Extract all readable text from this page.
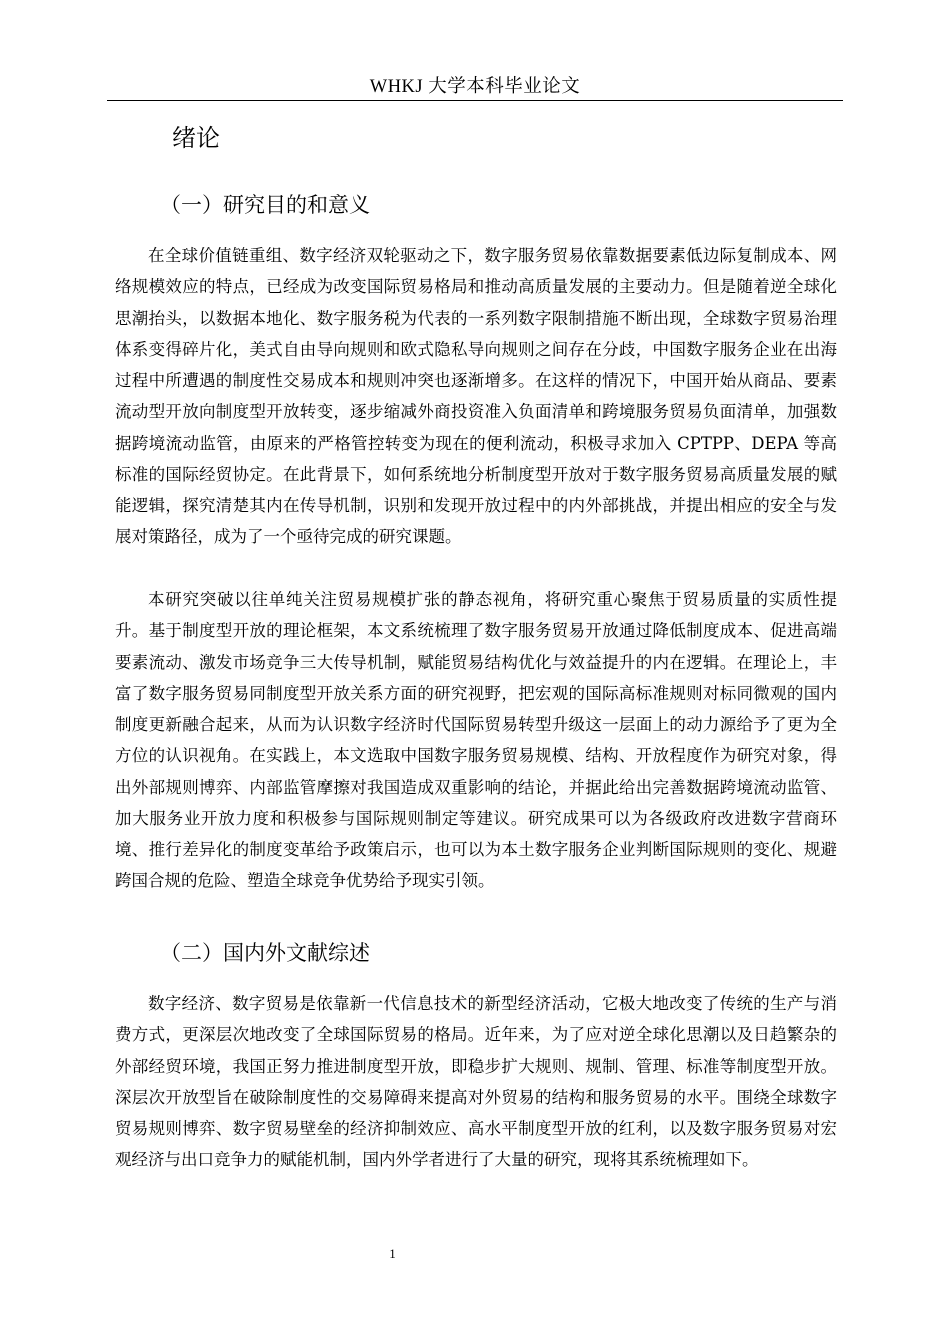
WHKJ 大学本科毕业论文
绪论
（一）研究目的和意义

在全球价值链重组、数字经济双轮驱动之下，数字服务贸易依靠数据要素低边际复制成本、网络规模效应的特点，已经成为改变国际贸易格局和推动高质量发展的主要动力。但是随着逆全球化思潮抬头，以数据本地化、数字服务税为代表的一系列数字限制措施不断出现，全球数字贸易治理体系变得碎片化，美式自由导向规则和欧式隐私导向规则之间存在分歧，中国数字服务企业在出海过程中所遭遇的制度性交易成本和规则冲突也逐渐增多。在这样的情况下，中国开始从商品、要素流动型开放向制度型开放转变，逐步缩减外商投资准入负面清单和跨境服务贸易负面清单，加强数据跨境流动监管，由原来的严格管控转变为现在的便利流动，积极寻求加入 CPTPP、DEPA 等高标准的国际经贸协定。在此背景下，如何系统地分析制度型开放对于数字服务贸易高质量发展的赋能逻辑，探究清楚其内在传导机制，识别和发现开放过程中的内外部挑战，并提出相应的安全与发展对策路径，成为了一个亟待完成的研究课题。

本研究突破以往单纯关注贸易规模扩张的静态视角，将研究重心聚焦于贸易质量的实质性提升。基于制度型开放的理论框架，本文系统梳理了数字服务贸易开放通过降低制度成本、促进高端要素流动、激发市场竞争三大传导机制，赋能贸易结构优化与效益提升的内在逻辑。在理论上，丰富了数字服务贸易同制度型开放关系方面的研究视野，把宏观的国际高标准规则对标同微观的国内制度更新融合起来，从而为认识数字经济时代国际贸易转型升级这一层面上的动力源给予了更为全方位的认识视角。在实践上，本文选取中国数字服务贸易规模、结构、开放程度作为研究对象，得出外部规则博弈、内部监管摩擦对我国造成双重影响的结论，并据此给出完善数据跨境流动监管、加大服务业开放力度和积极参与国际规则制定等建议。研究成果可以为各级政府改进数字营商环境、推行差异化的制度变革给予政策启示，也可以为本土数字服务企业判断国际规则的变化、规避跨国合规的危险、塑造全球竞争优势给予现实引领。

（二）国内外文献综述

数字经济、数字贸易是依靠新一代信息技术的新型经济活动，它极大地改变了传统的生产与消费方式，更深层次地改变了全球国际贸易的格局。近年来，为了应对逆全球化思潮以及日趋繁杂的外部经贸环境，我国正努力推进制度型开放，即稳步扩大规则、规制、管理、标准等制度型开放。深层次开放型旨在破除制度性的交易障碍来提高对外贸易的结构和服务贸易的水平。围绕全球数字贸易规则博弈、数字贸易壁垒的经济抑制效应、高水平制度型开放的红利，以及数字服务贸易对宏观经济与出口竞争力的赋能机制，国内外学者进行了大量的研究，现将其系统梳理如下。

1
